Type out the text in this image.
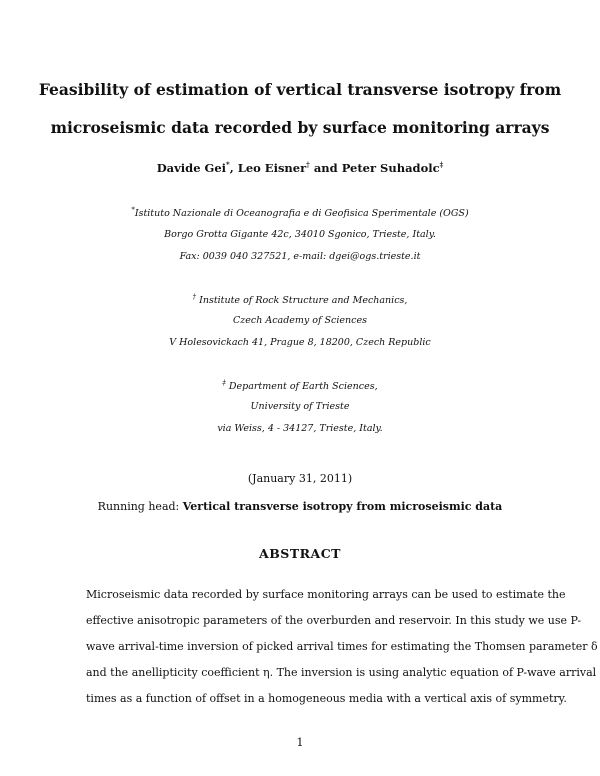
Feasibility of estimation of vertical transverse isotropy from
microseismic data recorded by surface monitoring arrays
Davide Gei*, Leo Eisner† and Peter Suhadolc‡
*Istituto Nazionale di Oceanografia e di Geofisica Sperimentale (OGS)
Borgo Grotta Gigante 42c, 34010 Sgonico, Trieste, Italy.
Fax: 0039 040 327521, e-mail: dgei@ogs.trieste.it
† Institute of Rock Structure and Mechanics,
Czech Academy of Sciences
V Holesovickach 41, Prague 8, 18200, Czech Republic
‡ Department of Earth Sciences,
University of Trieste
via Weiss, 4 - 34127, Trieste, Italy.
(January 31, 2011)
Running head: Vertical transverse isotropy from microseismic data
ABSTRACT
Microseismic data recorded by surface monitoring arrays can be used to estimate the
effective anisotropic parameters of the overburden and reservoir. In this study we use P-
wave arrival-time inversion of picked arrival times for estimating the Thomsen parameter δ
and the anellipticity coefficient η. The inversion is using analytic equation of P-wave arrival
times as a function of offset in a homogeneous media with a vertical axis of symmetry.
1
